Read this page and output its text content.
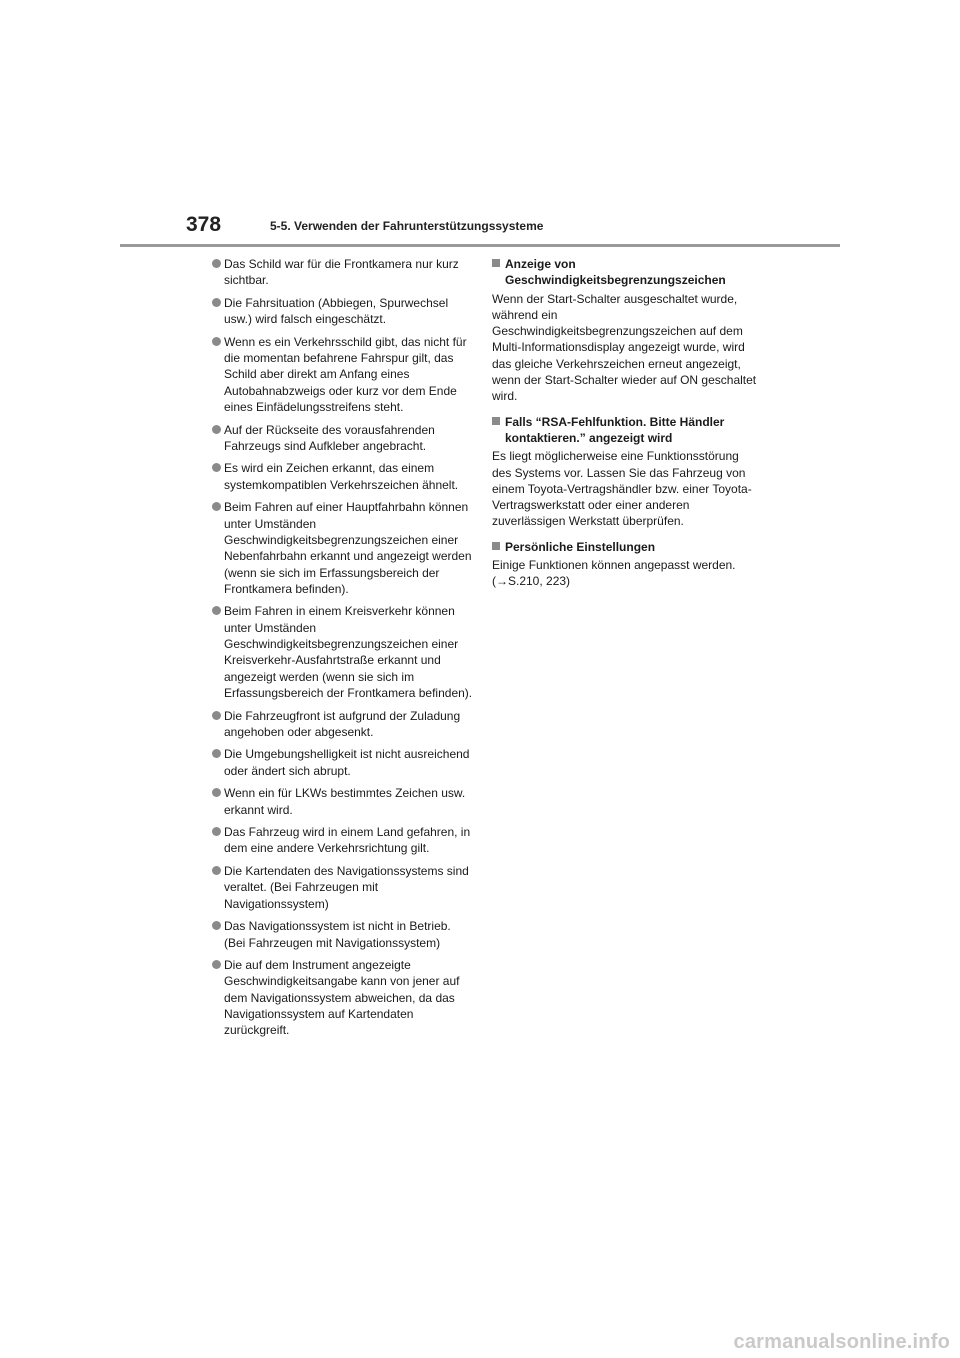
378	5-5. Verwenden der Fahrunterstützungssysteme
Das Schild war für die Frontkamera nur kurz sichtbar.
Die Fahrsituation (Abbiegen, Spurwechsel usw.) wird falsch eingeschätzt.
Wenn es ein Verkehrsschild gibt, das nicht für die momentan befahrene Fahrspur gilt, das Schild aber direkt am Anfang eines Autobahnabzweigs oder kurz vor dem Ende eines Einfädelungsstreifens steht.
Auf der Rückseite des vorausfahrenden Fahrzeugs sind Aufkleber angebracht.
Es wird ein Zeichen erkannt, das einem systemkompatiblen Verkehrszeichen ähnelt.
Beim Fahren auf einer Hauptfahrbahn können unter Umständen Geschwindigkeitsbegrenzungszeichen einer Nebenfahrbahn erkannt und angezeigt werden (wenn sie sich im Erfassungsbereich der Frontkamera befinden).
Beim Fahren in einem Kreisverkehr können unter Umständen Geschwindigkeitsbegrenzungszeichen einer Kreisverkehr-Ausfahrtstraße erkannt und angezeigt werden (wenn sie sich im Erfassungsbereich der Frontkamera befinden).
Die Fahrzeugfront ist aufgrund der Zuladung angehoben oder abgesenkt.
Die Umgebungshelligkeit ist nicht ausreichend oder ändert sich abrupt.
Wenn ein für LKWs bestimmtes Zeichen usw. erkannt wird.
Das Fahrzeug wird in einem Land gefahren, in dem eine andere Verkehrsrichtung gilt.
Die Kartendaten des Navigationssystems sind veraltet. (Bei Fahrzeugen mit Navigationssystem)
Das Navigationssystem ist nicht in Betrieb. (Bei Fahrzeugen mit Navigationssystem)
Die auf dem Instrument angezeigte Geschwindigkeitsangabe kann von jener auf dem Navigationssystem abweichen, da das Navigationssystem auf Kartendaten zurückgreift.
Anzeige von Geschwindigkeitsbegrenzungszeichen
Wenn der Start-Schalter ausgeschaltet wurde, während ein Geschwindigkeitsbegrenzungszeichen auf dem Multi-Informationsdisplay angezeigt wurde, wird das gleiche Verkehrszeichen erneut angezeigt, wenn der Start-Schalter wieder auf ON geschaltet wird.
Falls “RSA-Fehlfunktion. Bitte Händler kontaktieren.” angezeigt wird
Es liegt möglicherweise eine Funktionsstörung des Systems vor. Lassen Sie das Fahrzeug von einem Toyota-Vertragshändler bzw. einer Toyota-Vertragswerkstatt oder einer anderen zuverlässigen Werkstatt überprüfen.
Persönliche Einstellungen
Einige Funktionen können angepasst werden. (→S.210, 223)
carmanualsonline.info
